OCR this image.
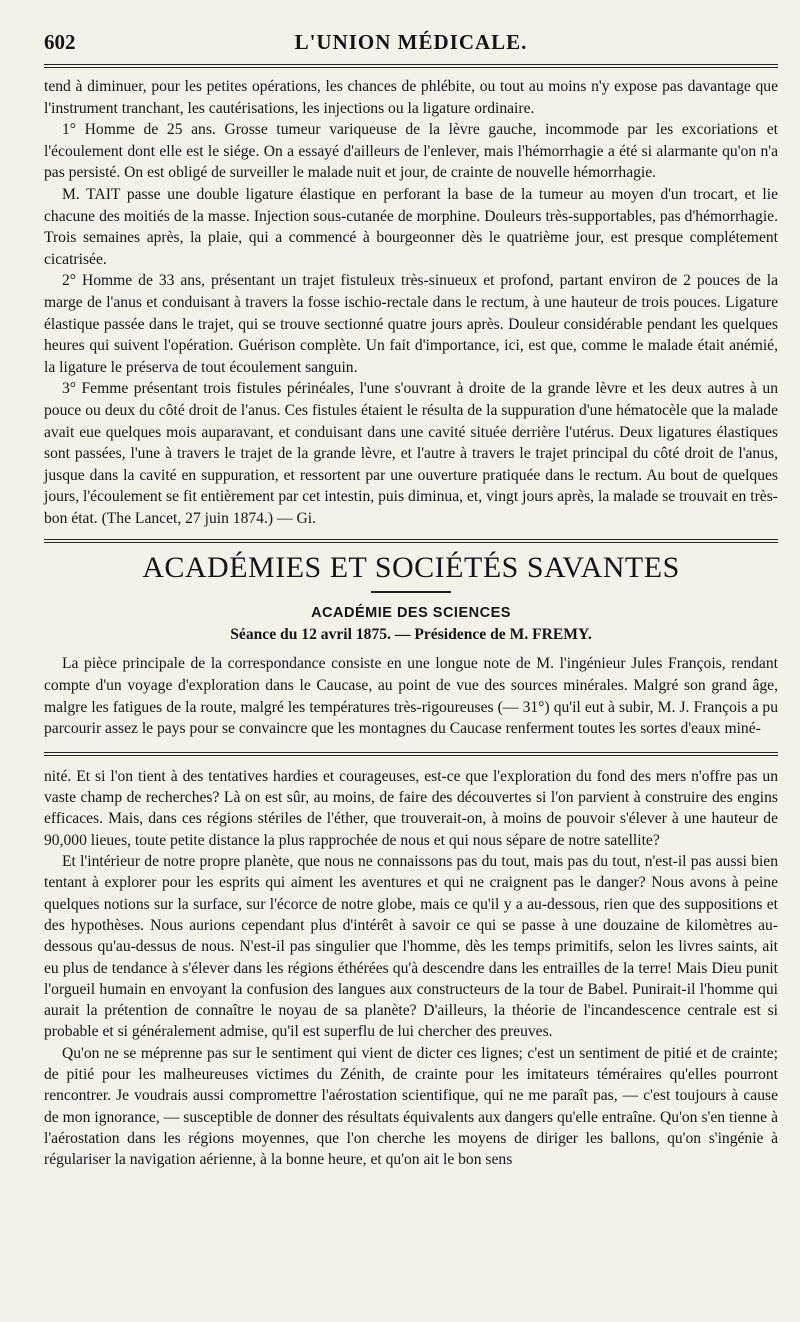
602	L'UNION MÉDICALE.

tend à diminuer, pour les petites opérations, les chances de phlébite, ou tout au moins n'y expose pas davantage que l'instrument tranchant, les cautérisations, les injections ou la ligature ordinaire.

1° Homme de 25 ans. Grosse tumeur variqueuse de la lèvre gauche, incommode par les excoriations et l'écoulement dont elle est le siége. On a essayé d'ailleurs de l'enlever, mais l'hémorrhagie a été si alarmante qu'on n'a pas persisté. On est obligé de surveiller le malade nuit et jour, de crainte de nouvelle hémorrhagie.

M. TAIT passe une double ligature élastique en perforant la base de la tumeur au moyen d'un trocart, et lie chacune des moitiés de la masse. Injection sous-cutanée de morphine. Douleurs très-supportables, pas d'hémorrhagie. Trois semaines après, la plaie, qui a commencé à bourgeonner dès le quatrième jour, est presque complétement cicatrisée.

2° Homme de 33 ans, présentant un trajet fistuleux très-sinueux et profond, partant environ de 2 pouces de la marge de l'anus et conduisant à travers la fosse ischio-rectale dans le rectum, à une hauteur de trois pouces. Ligature élastique passée dans le trajet, qui se trouve sectionné quatre jours après. Douleur considérable pendant les quelques heures qui suivent l'opération. Guérison complète. Un fait d'importance, ici, est que, comme le malade était anémié, la ligature le préserva de tout écoulement sanguin.

3° Femme présentant trois fistules périnéales, l'une s'ouvrant à droite de la grande lèvre et les deux autres à un pouce ou deux du côté droit de l'anus. Ces fistules étaient le résulta de la suppuration d'une hématocèle que la malade avait eue quelques mois auparavant, et conduisant dans une cavité située derrière l'utérus. Deux ligatures élastiques sont passées, l'une à travers le trajet de la grande lèvre, et l'autre à travers le trajet principal du côté droit de l'anus, jusque dans la cavité en suppuration, et ressortent par une ouverture pratiquée dans le rectum. Au bout de quelques jours, l'écoulement se fit entièrement par cet intestin, puis diminua, et, vingt jours après, la malade se trouvait en très-bon état. (The Lancet, 27 juin 1874.) — Gi.

ACADÉMIES ET SOCIÉTÉS SAVANTES

ACADÉMIE DES SCIENCES

Séance du 12 avril 1875. — Présidence de M. FREMY.

La pièce principale de la correspondance consiste en une longue note de M. l'ingénieur Jules François, rendant compte d'un voyage d'exploration dans le Caucase, au point de vue des sources minérales. Malgré son grand âge, malgre les fatigues de la route, malgré les températures très-rigoureuses (— 31°) qu'il eut à subir, M. J. François a pu parcourir assez le pays pour se convaincre que les montagnes du Caucase renferment toutes les sortes d'eaux miné-

nité. Et si l'on tient à des tentatives hardies et courageuses, est-ce que l'exploration du fond des mers n'offre pas un vaste champ de recherches? Là on est sûr, au moins, de faire des découvertes si l'on parvient à construire des engins efficaces. Mais, dans ces régions stériles de l'éther, que trouverait-on, à moins de pouvoir s'élever à une hauteur de 90,000 lieues, toute petite distance la plus rapprochée de nous et qui nous sépare de notre satellite?

Et l'intérieur de notre propre planète, que nous ne connaissons pas du tout, mais pas du tout, n'est-il pas aussi bien tentant à explorer pour les esprits qui aiment les aventures et qui ne craignent pas le danger? Nous avons à peine quelques notions sur la surface, sur l'écorce de notre globe, mais ce qu'il y a au-dessous, rien que des suppositions et des hypothèses. Nous aurions cependant plus d'intérêt à savoir ce qui se passe à une douzaine de kilomètres au-dessous qu'au-dessus de nous. N'est-il pas singulier que l'homme, dès les temps primitifs, selon les livres saints, ait eu plus de tendance à s'élever dans les régions éthérées qu'à descendre dans les entrailles de la terre! Mais Dieu punit l'orgueil humain en envoyant la confusion des langues aux constructeurs de la tour de Babel. Punirait-il l'homme qui aurait la prétention de connaître le noyau de sa planète? D'ailleurs, la théorie de l'incandescence centrale est si probable et si généralement admise, qu'il est superflu de lui chercher des preuves.

Qu'on ne se méprenne pas sur le sentiment qui vient de dicter ces lignes; c'est un sentiment de pitié et de crainte; de pitié pour les malheureuses victimes du Zénith, de crainte pour les imitateurs téméraires qu'elles pourront rencontrer. Je voudrais aussi compromettre l'aérostation scientifique, qui ne me paraît pas, — c'est toujours à cause de mon ignorance, — susceptible de donner des résultats équivalents aux dangers qu'elle entraîne. Qu'on s'en tienne à l'aérostation dans les régions moyennes, que l'on cherche les moyens de diriger les ballons, qu'on s'ingénie à régulariser la navigation aérienne, à la bonne heure, et qu'on ait le bon sens
